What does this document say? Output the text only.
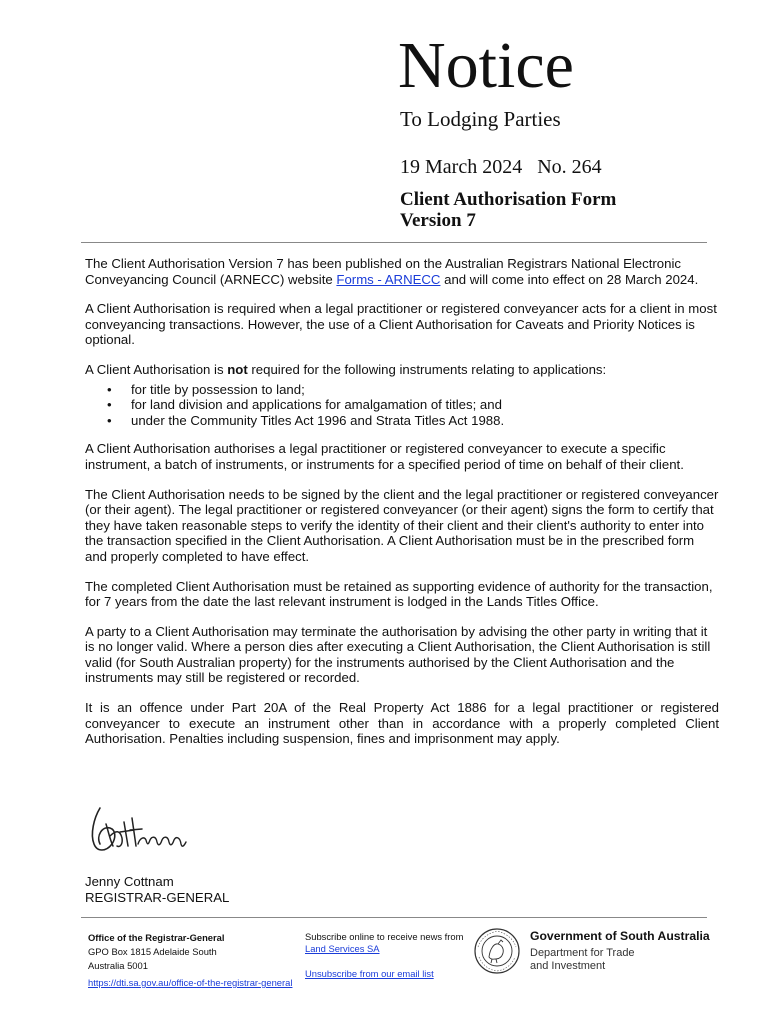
Notice
To Lodging Parties
19 March 2024 No. 264
Client Authorisation Form
Version 7

The Client Authorisation Version 7 has been published on the Australian Registrars National Electronic Conveyancing Council (ARNECC) website Forms - ARNECC and will come into effect on 28 March 2024.

A Client Authorisation is required when a legal practitioner or registered conveyancer acts for a client in most conveyancing transactions. However, the use of a Client Authorisation for Caveats and Priority Notices is optional.

A Client Authorisation is not required for the following instruments relating to applications:

• for title by possession to land;
• for land division and applications for amalgamation of titles; and
• under the Community Titles Act 1996 and Strata Titles Act 1988.

A Client Authorisation authorises a legal practitioner or registered conveyancer to execute a specific instrument, a batch of instruments, or instruments for a specified period of time on behalf of their client.

The Client Authorisation needs to be signed by the client and the legal practitioner or registered conveyancer (or their agent). The legal practitioner or registered conveyancer (or their agent) signs the form to certify that they have taken reasonable steps to verify the identity of their client and their client's authority to enter into the transaction specified in the Client Authorisation. A Client Authorisation must be in the prescribed form and properly completed to have effect.

The completed Client Authorisation must be retained as supporting evidence of authority for the transaction, for 7 years from the date the last relevant instrument is lodged in the Lands Titles Office.

A party to a Client Authorisation may terminate the authorisation by advising the other party in writing that it is no longer valid. Where a person dies after executing a Client Authorisation, the Client Authorisation is still valid (for South Australian property) for the instruments authorised by the Client Authorisation and the instruments may still be registered or recorded.

It is an offence under Part 20A of the Real Property Act 1886 for a legal practitioner or registered conveyancer to execute an instrument other than in accordance with a properly completed Client Authorisation. Penalties including suspension, fines and imprisonment may apply.

Jenny Cottnam
REGISTRAR-GENERAL
Office of the Registrar-General
GPO Box 1815 Adelaide South
Australia 5001
https://dti.sa.gov.au/office-of-the-registrar-general
Subscribe online to receive news from Land Services SA
Unsubscribe from our email list
Government of South Australia
Department for Trade and Investment
